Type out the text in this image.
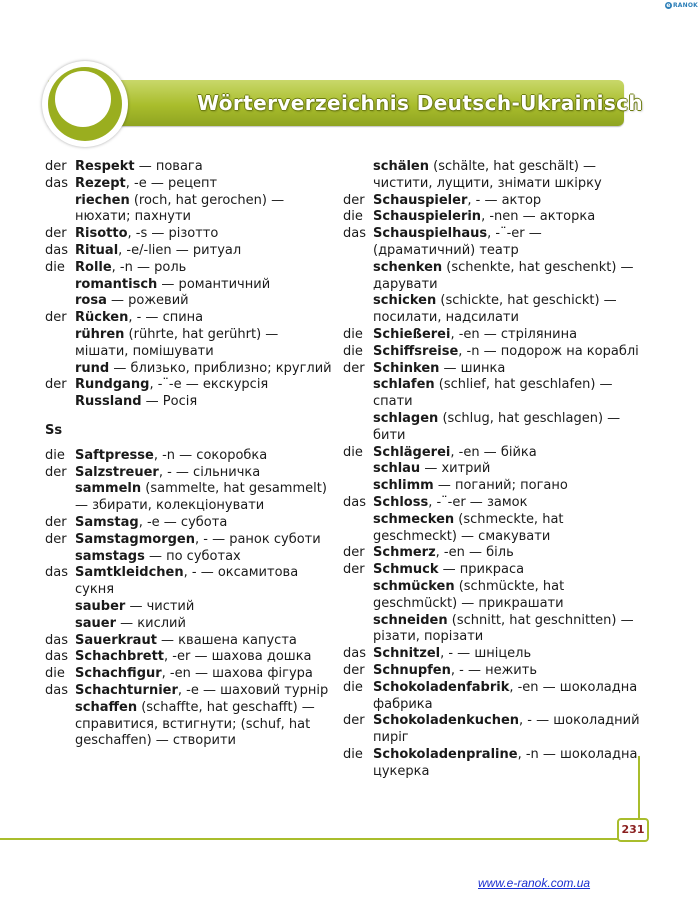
e RANOK
Wörterverzeichnis Deutsch-Ukrainisch
der Respekt — повага
das Rezept, -e — рецепт
riechen (roch, hat gerochen) — нюхати; пахнути
der Risotto, -s — різотто
das Ritual, -e/-lien — ритуал
die Rolle, -n — роль
romantisch — романтичний
rosa — рожевий
der Rücken, - — спина
rühren (rührte, hat gerührt) — мішати, помішувати
rund — близько, приблизно; круглий
der Rundgang, -¨-e — екскурсія
Russland — Росія
Ss
die Saftpresse, -n — сокоробка
der Salzstreuer, - — сільничка
sammeln (sammelte, hat gesammelt) — збирати, колекціонувати
der Samstag, -e — субота
der Samstagmorgen, - — ранок суботи
samstags — по суботах
das Samtkleidchen, - — оксамитова сукня
sauber — чистий
sauer — кислий
das Sauerkraut — квашена капуста
das Schachbrett, -er — шахова дошка
die Schachfigur, -en — шахова фігура
das Schachturnier, -e — шаховий турнір
schaffen (schaffte, hat geschafft) — справитися, встигнути; (schuf, hat geschaffen) — створити
schälen (schälte, hat geschält) — чистити, лущити, знімати шкірку
der Schauspieler, - — актор
die Schauspielerin, -nen — акторка
das Schauspielhaus, -¨-er — (драматичний) театр
schenken (schenkte, hat geschenkt) — дарувати
schicken (schickte, hat geschickt) — посилати, надсилати
die Schießerei, -en — стрілянина
die Schiffsreise, -n — подорож на кораблі
der Schinken — шинка
schlafen (schlief, hat geschlafen) — спати
schlagen (schlug, hat geschlagen) — бити
die Schlägerei, -en — бійка
schlau — хитрий
schlimm — поганий; погано
das Schloss, -¨-er — замок
schmecken (schmeckte, hat geschmeckt) — смакувати
der Schmerz, -en — біль
der Schmuck — прикраса
schmücken (schmückte, hat geschmückt) — прикрашати
schneiden (schnitt, hat geschnitten) — різати, порізати
das Schnitzel, - — шніцель
der Schnupfen, - — нежить
die Schokoladenfabrik, -en — шоколадна фабрика
der Schokoladenkuchen, - — шоколадний пиріг
die Schokoladenpraline, -n — шоколадна цукерка
231
www.e-ranok.com.ua
